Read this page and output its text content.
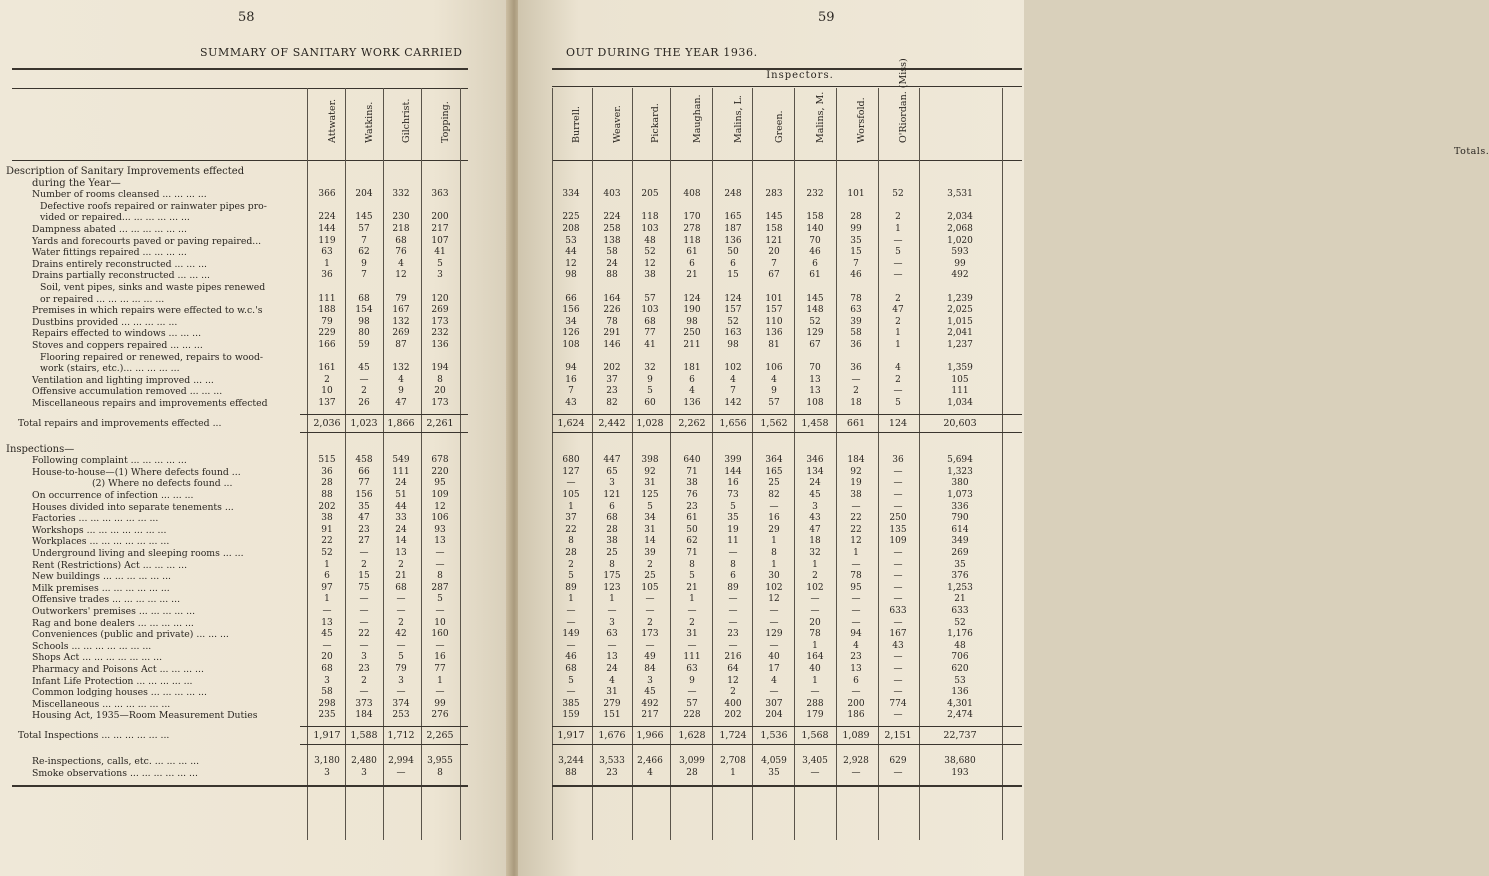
58
SUMMARY OF SANITARY WORK CARRIED
Attwater.	Watkins.	Gilchrist.	Topping.
Description of Sanitary Improvements effected
during the Year—
Number of rooms cleansed ... ... ... ...	366	204	332	363
Defective roofs repaired or rainwater pipes pro-
vided or repaired... ... ... ... ... ...	224	145	230	200
Dampness abated ... ... ... ... ... ...	144	57	218	217
Yards and forecourts paved or paving repaired...	119	7	68	107
Water fittings repaired ... ... ... ...	63	62	76	41
Drains entirely reconstructed ... ... ...	1	9	4	5
Drains partially reconstructed ... ... ...	36	7	12	3
Soil, vent pipes, sinks and waste pipes renewed
or repaired ... ... ... ... ... ...	111	68	79	120
Premises in which repairs were effected to w.c.'s	188	154	167	269
Dustbins provided ... ... ... ... ...	79	98	132	173
Repairs effected to windows ... ... ...	229	80	269	232
Stoves and coppers repaired ... ... ...	166	59	87	136
Flooring repaired or renewed, repairs to wood-
work (stairs, etc.)... ... ... ... ...	161	45	132	194
Ventilation and lighting improved ... ...	2	—	4	8
Offensive accumulation removed ... ... ...	10	2	9	20
Miscellaneous repairs and improvements effected	137	26	47	173
Total repairs and improvements effected ...	2,036	1,023	1,866	2,261
Inspections—
Following complaint ... ... ... ... ...	515	458	549	678
House-to-house—(1) Where defects found ...	36	66	111	220
(2) Where no defects found ...	28	77	24	95
On occurrence of infection ... ... ...	88	156	51	109
Houses divided into separate tenements ...	202	35	44	12
Factories ... ... ... ... ... ... ...	38	47	33	106
Workshops ... ... ... ... ... ... ...	91	23	24	93
Workplaces ... ... ... ... ... ... ...	22	27	14	13
Underground living and sleeping rooms ... ...	52	—	13	—
Rent (Restrictions) Act ... ... ... ...	1	2	2	—
New buildings ... ... ... ... ... ...	6	15	21	8
Milk premises ... ... ... ... ... ...	97	75	68	287
Offensive trades ... ... ... ... ... ...	1	—	—	5
Outworkers' premises ... ... ... ... ...	—	—	—	—
Rag and bone dealers ... ... ... ... ...	13	—	2	10
Conveniences (public and private) ... ... ...	45	22	42	160
Schools ... ... ... ... ... ... ...	—	—	—	—
Shops Act ... ... ... ... ... ... ...	20	3	5	16
Pharmacy and Poisons Act ... ... ... ...	68	23	79	77
Infant Life Protection ... ... ... ... ...	3	2	3	1
Common lodging houses ... ... ... ... ...	58	—	—	—
Miscellaneous ... ... ... ... ... ...	298	373	374	99
Housing Act, 1935—Room Measurement Duties	235	184	253	276
Total Inspections ... ... ... ... ... ...	1,917	1,588	1,712	2,265
Re-inspections, calls, etc. ... ... ... ...	3,180	2,480	2,994	3,955
Smoke observations ... ... ... ... ... ...	3	3	—	8
59
OUT DURING THE YEAR 1936.
Inspectors.
Burrell.	Weaver.	Pickard.	Maughan.	Malins, L.	Green.	Malins, M.	Worsfold.	O'Riordan. (Miss)
Totals.
334	403	205	408	248	283	232	101	52	3,531
225	224	118	170	165	145	158	28	2	2,034
208	258	103	278	187	158	140	99	1	2,068
53	138	48	118	136	121	70	35	—	1,020
44	58	52	61	50	20	46	15	5	593
12	24	12	6	6	7	6	7	—	99
98	88	38	21	15	67	61	46	—	492
66	164	57	124	124	101	145	78	2	1,239
156	226	103	190	157	157	148	63	47	2,025
34	78	68	98	52	110	52	39	2	1,015
126	291	77	250	163	136	129	58	1	2,041
108	146	41	211	98	81	67	36	1	1,237
94	202	32	181	102	106	70	36	4	1,359
16	37	9	6	4	4	13	—	2	105
7	23	5	4	7	9	13	2	—	111
43	82	60	136	142	57	108	18	5	1,034
1,624	2,442	1,028	2,262	1,656	1,562	1,458	661	124	20,603
680	447	398	640	399	364	346	184	36	5,694
127	65	92	71	144	165	134	92	—	1,323
—	3	31	38	16	25	24	19	—	380
105	121	125	76	73	82	45	38	—	1,073
1	6	5	23	5	—	3	—	—	336
37	68	34	61	35	16	43	22	250	790
22	28	31	50	19	29	47	22	135	614
8	38	14	62	11	1	18	12	109	349
28	25	39	71	—	8	32	1	—	269
2	8	2	8	8	1	1	—	—	35
5	175	25	5	6	30	2	78	—	376
89	123	105	21	89	102	102	95	—	1,253
1	1	—	1	—	12	—	—	—	21
—	—	—	—	—	—	—	—	633	633
—	3	2	2	—	—	20	—	—	52
149	63	173	31	23	129	78	94	167	1,176
—	—	—	—	—	—	1	4	43	48
46	13	49	111	216	40	164	23	—	706
68	24	84	63	64	17	40	13	—	620
5	4	3	9	12	4	1	6	—	53
—	31	45	—	2	—	—	—	—	136
385	279	492	57	400	307	288	200	774	4,301
159	151	217	228	202	204	179	186	—	2,474
1,917	1,676	1,966	1,628	1,724	1,536	1,568	1,089	2,151	22,737
3,244	3,533	2,466	3,099	2,708	4,059	3,405	2,928	629	38,680
88	23	4	28	1	35	—	—	—	193
